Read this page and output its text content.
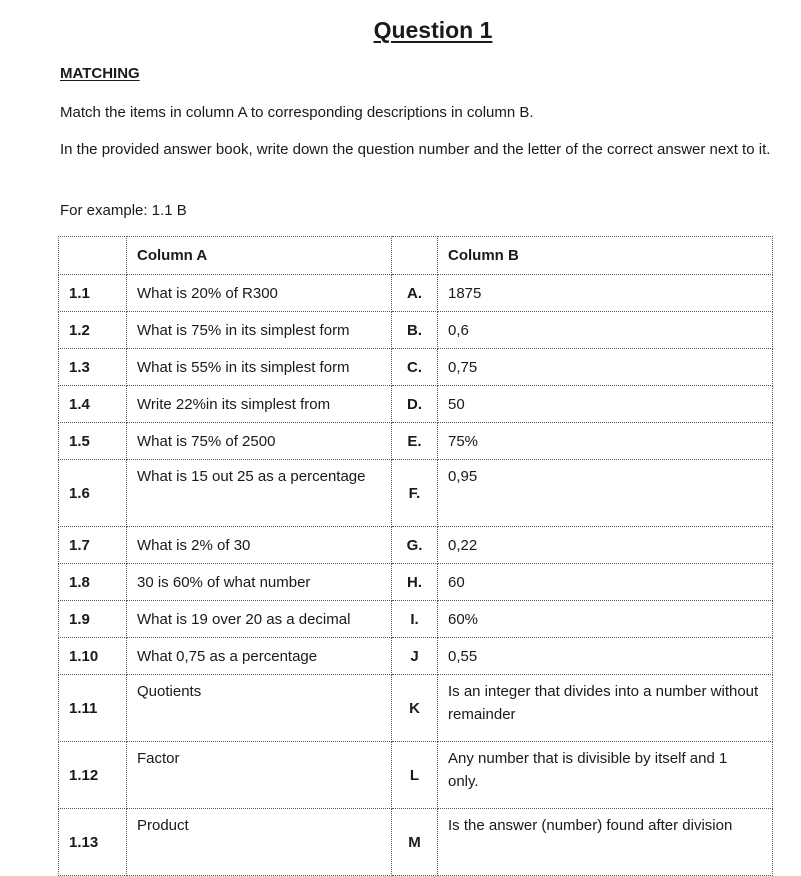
Question 1
MATCHING
Match the items in column A to corresponding descriptions in column B.
In the provided answer book, write down the question number and the letter of the correct answer next to it.
For example: 1.1 B
	Column A		Column B
1.1	What is 20% of R300	A.	1875
1.2	What is 75% in its simplest form	B.	0,6
1.3	What is 55% in its simplest form	C.	0,75
1.4	Write 22%in its simplest from	D.	50
1.5	What is 75% of 2500	E.	75%
1.6	What is 15 out 25 as a percentage	F.	0,95
1.7	What is 2% of 30	G.	0,22
1.8	30 is 60% of what number	H.	60
1.9	What is 19 over 20 as a decimal	I.	60%
1.10	What 0,75 as a percentage	J	0,55
1.11	Quotients	K	Is an integer that divides into a number without remainder
1.12	Factor	L	Any number that is divisible by itself and 1 only.
1.13	Product	M	Is the answer (number) found after division
